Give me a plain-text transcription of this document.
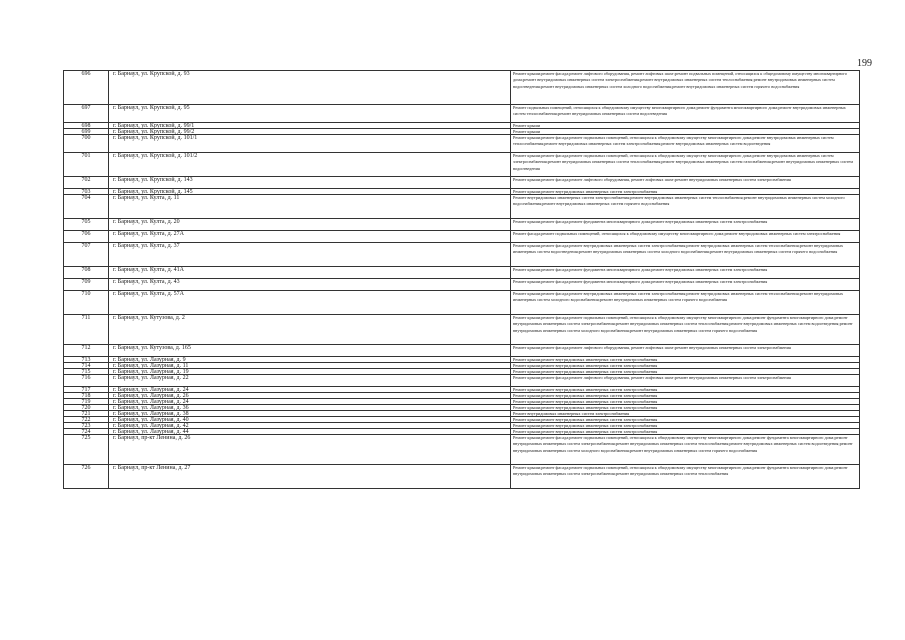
199
696	г. Барнаул, ул. Крупской, д. 93	Ремонт крыши;ремонт фасада;ремонт лифтового оборудования, ремонт лифтовых шахт;ремонт подвальных помещений, относящихся к общедомовому имуществу многоквартирного дома;ремонт внутридомовых инженерных систем электроснабжения;ремонт внутридомовых инженерных систем теплоснабжения;ремонт внутридомовых инженерных систем водоотведения;ремонт внутридомовых инженерных систем холодного водоснабжения;ремонт внутридомовых инженерных систем горячего водоснабжения

697	г. Барнаул, ул. Крупской, д. 95	Ремонт подвальных помещений, относящихся к общедомовому имуществу многоквартирного дома;ремонт фундамента многоквартирного дома;ремонт внутридомовых инженерных систем теплоснабжения;ремонт внутридомовых инженерных систем водоотведения

698	г. Барнаул, ул. Крупской, д. 99/1	Ремонт крыши

699	г. Барнаул, ул. Крупской, д. 99/2	Ремонт крыши

700	г. Барнаул, ул. Крупской, д. 101/1	Ремонт крыши;ремонт фасада;ремонт подвальных помещений, относящихся к общедомовому имуществу многоквартирного дома;ремонт внутридомовых инженерных систем теплоснабжения;ремонт внутридомовых инженерных систем электроснабжения;ремонт внутридомовых инженерных систем водоотведения

701	г. Барнаул, ул. Крупской, д. 101/2	Ремонт крыши;ремонт фасада;ремонт подвальных помещений, относящихся к общедомовому имуществу многоквартирного дома;ремонт внутридомовых инженерных систем электроснабжения;ремонт внутридомовых инженерных систем теплоснабжения;ремонт внутридомовых инженерных систем газоснабжения;ремонт внутридомовых инженерных систем водоотведения

702	г. Барнаул, ул. Крупской, д. 143	Ремонт крыши;ремонт фасада;ремонт лифтового оборудования, ремонт лифтовых шахт;ремонт внутридомовых инженерных систем электроснабжения

703	г. Барнаул, ул. Крупской, д. 145	Ремонт крыши;ремонт внутридомовых инженерных систем электроснабжения

704	г. Барнаул, ул. Култа, д. 11	Ремонт внутридомовых инженерных систем электроснабжения;ремонт внутридомовых инженерных систем теплоснабжения;ремонт внутридомовых инженерных систем холодного водоснабжения;ремонт внутридомовых инженерных систем горячего водоснабжения

705	г. Барнаул, ул. Култа, д. 20	Ремонт крыши;ремонт фасада;ремонт фундамента многоквартирного дома;ремонт внутридомовых инженерных систем электроснабжения

706	г. Барнаул, ул. Култа, д. 27А	Ремонт фасада;ремонт подвальных помещений, относящихся к общедомовому имуществу многоквартирного дома;ремонт внутридомовых инженерных систем электроснабжения

707	г. Барнаул, ул. Култа, д. 37	Ремонт крыши;ремонт фасада;ремонт внутридомовых инженерных систем электроснабжения;ремонт внутридомовых инженерных систем теплоснабжения;ремонт внутридомовых инженерных систем водоотведения;ремонт внутридомовых инженерных систем холодного водоснабжения;ремонт внутридомовых инженерных систем горячего водоснабжения

708	г. Барнаул, ул. Култа, д. 41А	Ремонт крыши;ремонт фасада;ремонт фундамента многоквартирного дома;ремонт внутридомовых инженерных систем электроснабжения

709	г. Барнаул, ул. Култа, д. 43	Ремонт крыши;ремонт фасада;ремонт фундамента многоквартирного дома;ремонт внутридомовых инженерных систем электроснабжения

710	г. Барнаул, ул. Култа, д. 57А	Ремонт крыши;ремонт фасада;ремонт внутридомовых инженерных систем электроснабжения;ремонт внутридомовых инженерных систем теплоснабжения;ремонт внутридомовых инженерных систем холодного водоснабжения;ремонт внутридомовых инженерных систем горячего водоснабжения

711	г. Барнаул, ул. Кутузова, д. 2	Ремонт крыши;ремонт фасада;ремонт подвальных помещений, относящихся к общедомовому имуществу многоквартирного дома;ремонт фундамента многоквартирного дома;ремонт внутридомовых инженерных систем электроснабжения;ремонт внутридомовых инженерных систем теплоснабжения;ремонт внутридомовых инженерных систем водоотведения;ремонт внутридомовых инженерных систем холодного водоснабжения;ремонт внутридомовых инженерных систем горячего водоснабжения

712	г. Барнаул, ул. Кутузова, д. 165	Ремонт крыши;ремонт фасада;ремонт лифтового оборудования, ремонт лифтовых шахт;ремонт внутридомовых инженерных систем электроснабжения

713	г. Барнаул, ул. Лазурная, д. 9	Ремонт крыши;ремонт внутридомовых инженерных систем электроснабжения

714	г. Барнаул, ул. Лазурная, д. 11	Ремонт крыши;ремонт внутридомовых инженерных систем электроснабжения

715	г. Барнаул, ул. Лазурная, д. 19	Ремонт крыши;ремонт внутридомовых инженерных систем электроснабжения

716	г. Барнаул, ул. Лазурная, д. 22	Ремонт крыши;ремонт фасада;ремонт лифтового оборудования, ремонт лифтовых шахт;ремонт внутридомовых инженерных систем электроснабжения

717	г. Барнаул, ул. Лазурная, д. 24	Ремонт крыши;ремонт внутридомовых инженерных систем электроснабжения

718	г. Барнаул, ул. Лазурная, д. 26	Ремонт крыши;ремонт внутридомовых инженерных систем электроснабжения

719	г. Барнаул, ул. Лазурная, д. 24	Ремонт крыши;ремонт внутридомовых инженерных систем электроснабжения

720	г. Барнаул, ул. Лазурная, д. 36	Ремонт крыши;ремонт внутридомовых инженерных систем электроснабжения

721	г. Барнаул, ул. Лазурная, д. 38	Ремонт внутридомовых инженерных систем электроснабжения

722	г. Барнаул, ул. Лазурная, д. 40	Ремонт крыши;ремонт внутридомовых инженерных систем электроснабжения

723	г. Барнаул, ул. Лазурная, д. 42	Ремонт крыши;ремонт внутридомовых инженерных систем электроснабжения

724	г. Барнаул, ул. Лазурная, д. 44	Ремонт крыши;ремонт внутридомовых инженерных систем электроснабжения

725	г. Барнаул, пр-кт Ленина, д. 26	Ремонт крыши;ремонт фасада;ремонт подвальных помещений, относящихся к общедомовому имуществу многоквартирного дома;ремонт фундамента многоквартирного дома;ремонт внутридомовых инженерных систем электроснабжения;ремонт внутридомовых инженерных систем теплоснабжения;ремонт внутридомовых инженерных систем водоотведения;ремонт внутридомовых инженерных систем холодного водоснабжения;ремонт внутридомовых инженерных систем горячего водоснабжения

726	г. Барнаул, пр-кт Ленина, д. 27	Ремонт крыши;ремонт фасада;ремонт подвальных помещений, относящихся к общедомовому имуществу многоквартирного дома;ремонт фундамента многоквартирного дома;ремонт внутридомовых инженерных систем электроснабжения;ремонт внутридомовых инженерных систем теплоснабжения
